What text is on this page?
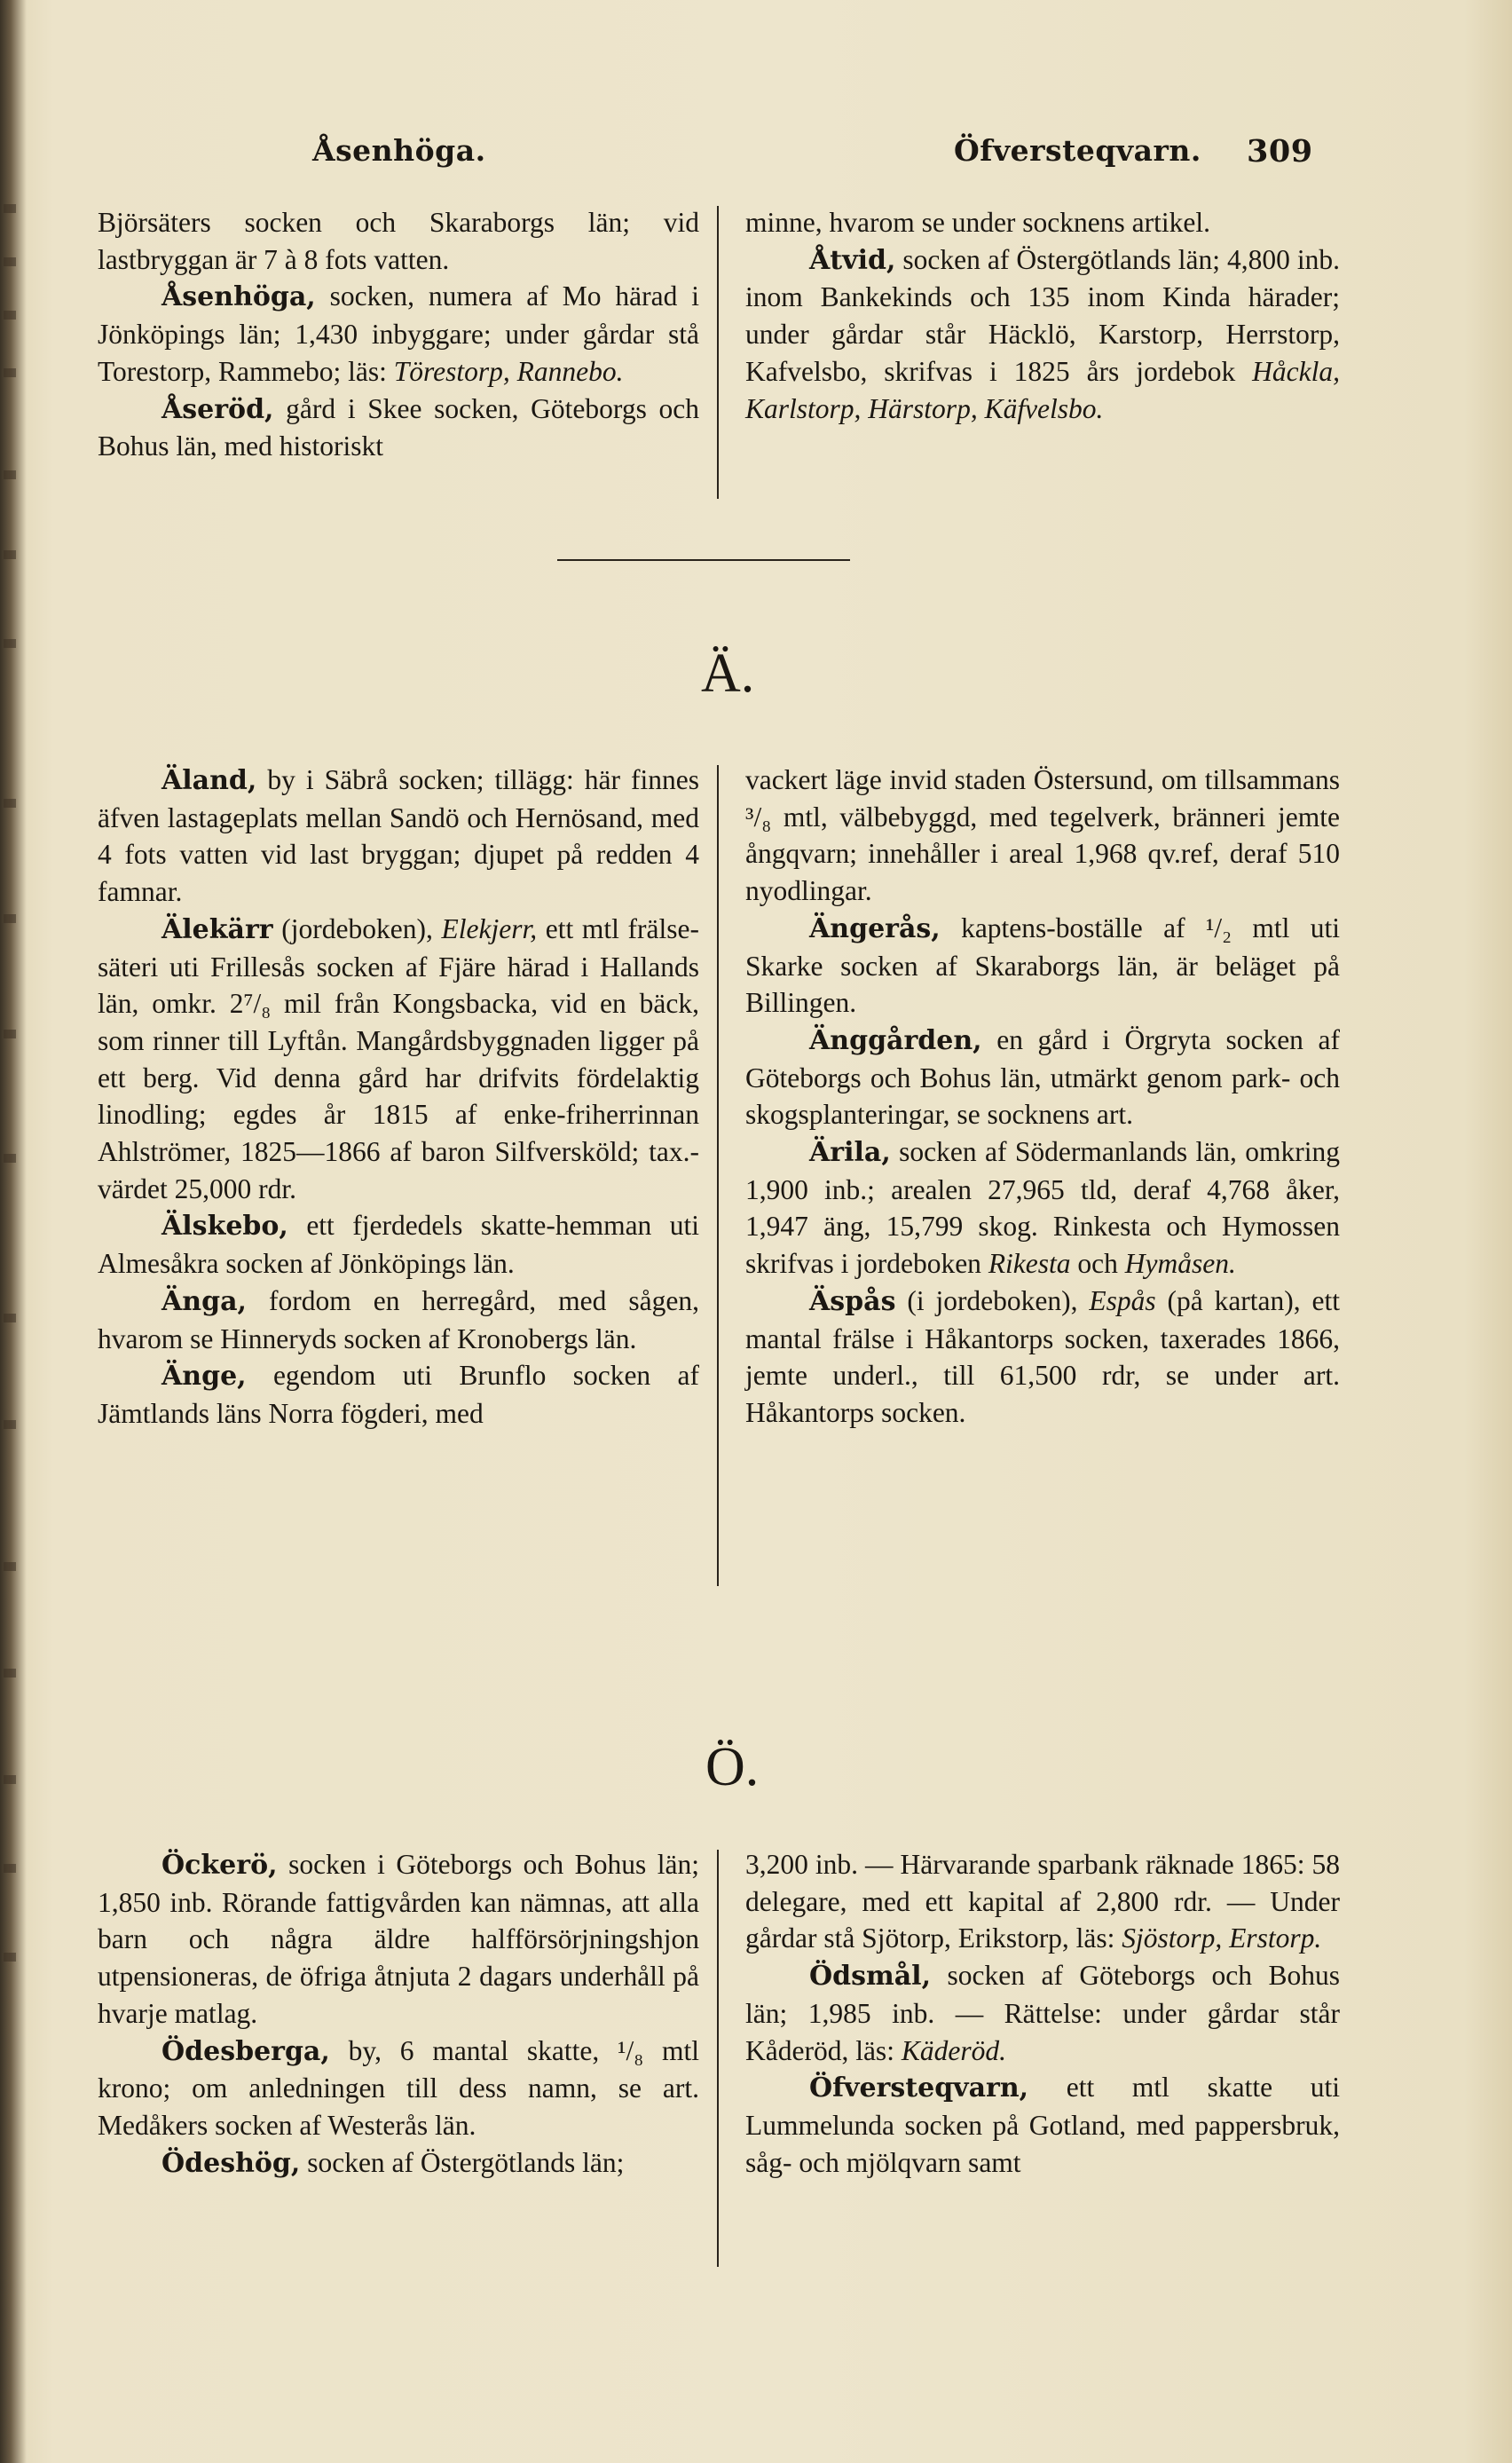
Åsenhöga.	Öfversteqvarn. 309

Björsäters socken och Skaraborgs län; vid lastbryggan är 7 à 8 fots vatten.

Åsenhöga, socken, numera af Mo härad i Jönköpings län; 1,430 inbyggare; under gårdar stå Torestorp, Rammebo; läs: Törestorp, Rannebo.

Åseröd, gård i Skee socken, Göteborgs och Bohus län, med historiskt

minne, hvarom se under socknens artikel.

Åtvid, socken af Östergötlands län; 4,800 inb. inom Bankekinds och 135 inom Kinda härader; under gårdar står Häcklö, Karstorp, Herrstorp, Kafvelsbo, skrifvas i 1825 års jordebok Håckla, Karlstorp, Härstorp, Käfvelsbo.

Ä.

Äland, by i Säbrå socken; tillägg: här finnes äfven lastageplats mellan Sandö och Hernösand, med 4 fots vatten vid last bryggan; djupet på redden 4 famnar.

Älekärr (jordeboken), Elekjerr, ett mtl frälse-säteri uti Frillesås socken af Fjäre härad i Hallands län, omkr. 2⁷/₈ mil från Kongsbacka, vid en bäck, som rinner till Lyftån. Mangårdsbyggnaden ligger på ett berg. Vid denna gård har drifvits fördelaktig linodling; egdes år 1815 af enke-friherrinnan Ahlströmer, 1825—1866 af baron Silfversköld; tax.-värdet 25,000 rdr.

Älskebo, ett fjerdedels skatte-hemman uti Almesåkra socken af Jönköpings län.

Änga, fordom en herregård, med sågen, hvarom se Hinneryds socken af Kronobergs län.

Änge, egendom uti Brunflo socken af Jämtlands läns Norra fögderi, med

vackert läge invid staden Östersund, om tillsammans ³/₈ mtl, välbebyggd, med tegelverk, bränneri jemte ångqvarn; innehåller i areal 1,968 qv.ref, deraf 510 nyodlingar.

Ängerås, kaptens-boställe af ¹/₂ mtl uti Skarke socken af Skaraborgs län, är beläget på Billingen.

Änggården, en gård i Örgryta socken af Göteborgs och Bohus län, utmärkt genom park- och skogsplanteringar, se socknens art.

Ärila, socken af Södermanlands län, omkring 1,900 inb.; arealen 27,965 tld, deraf 4,768 åker, 1,947 äng, 15,799 skog. Rinkesta och Hymossen skrifvas i jordeboken Rikesta och Hymåsen.

Äspås (i jordeboken), Espås (på kartan), ett mantal frälse i Håkantorps socken, taxerades 1866, jemte underl., till 61,500 rdr, se under art. Håkantorps socken.

Ö.

Öckerö, socken i Göteborgs och Bohus län; 1,850 inb. Rörande fattigvården kan nämnas, att alla barn och några äldre halfförsörjningshjon utpensioneras, de öfriga åtnjuta 2 dagars underhåll på hvarje matlag.

Ödesberga, by, 6 mantal skatte, ¹/₈ mtl krono; om anledningen till dess namn, se art. Medåkers socken af Westerås län.

Ödeshög, socken af Östergötlands län;

3,200 inb. — Härvarande sparbank räknade 1865: 58 delegare, med ett kapital af 2,800 rdr. — Under gårdar stå Sjötorp, Erikstorp, läs: Sjöstorp, Erstorp.

Ödsmål, socken af Göteborgs och Bohus län; 1,985 inb. — Rättelse: under gårdar står Kåderöd, läs: Käderöd.

Öfversteqvarn, ett mtl skatte uti Lummelunda socken på Gotland, med pappersbruk, såg- och mjölqvarn samt
